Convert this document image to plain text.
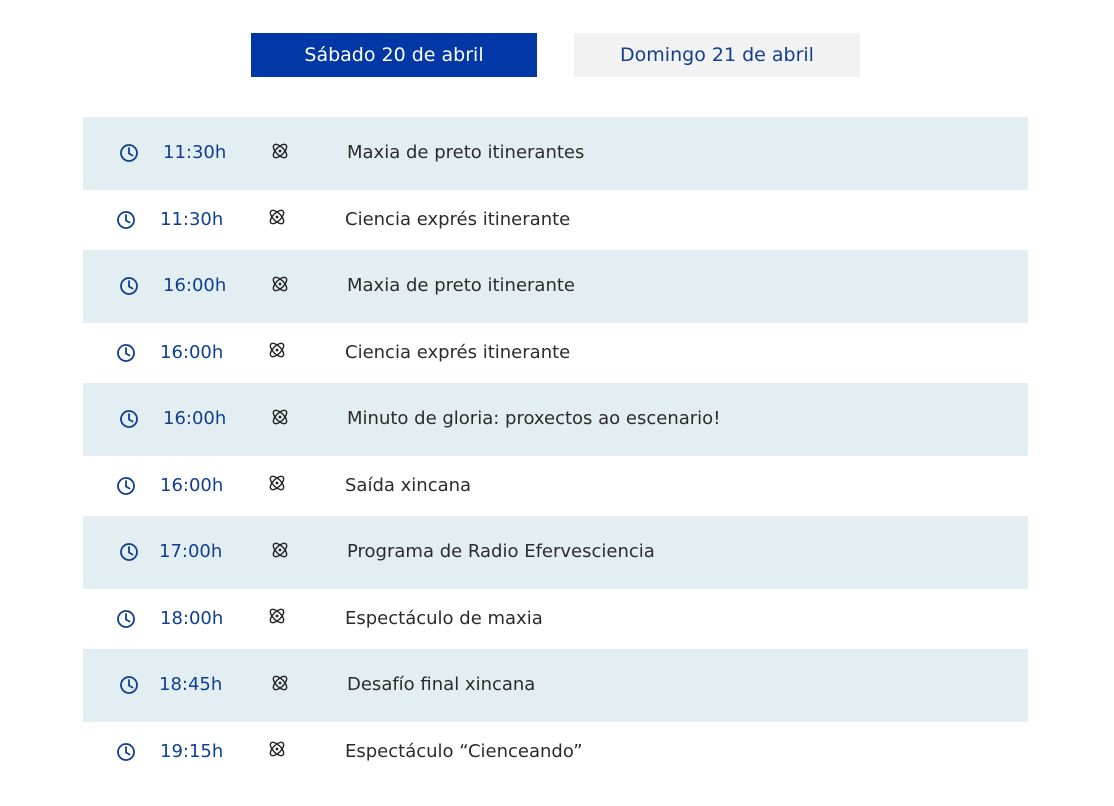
Sábado 20 de abril	Domingo 21 de abril
11:30h	Maxia de preto itinerantes
11:30h	Ciencia exprés itinerante
16:00h	Maxia de preto itinerante
16:00h	Ciencia exprés itinerante
16:00h	Minuto de gloria: proxectos ao escenario!
16:00h	Saída xincana
17:00h	Programa de Radio Efervesciencia
18:00h	Espectáculo de maxia
18:45h	Desafío final xincana
19:15h	Espectáculo “Cienceando”
